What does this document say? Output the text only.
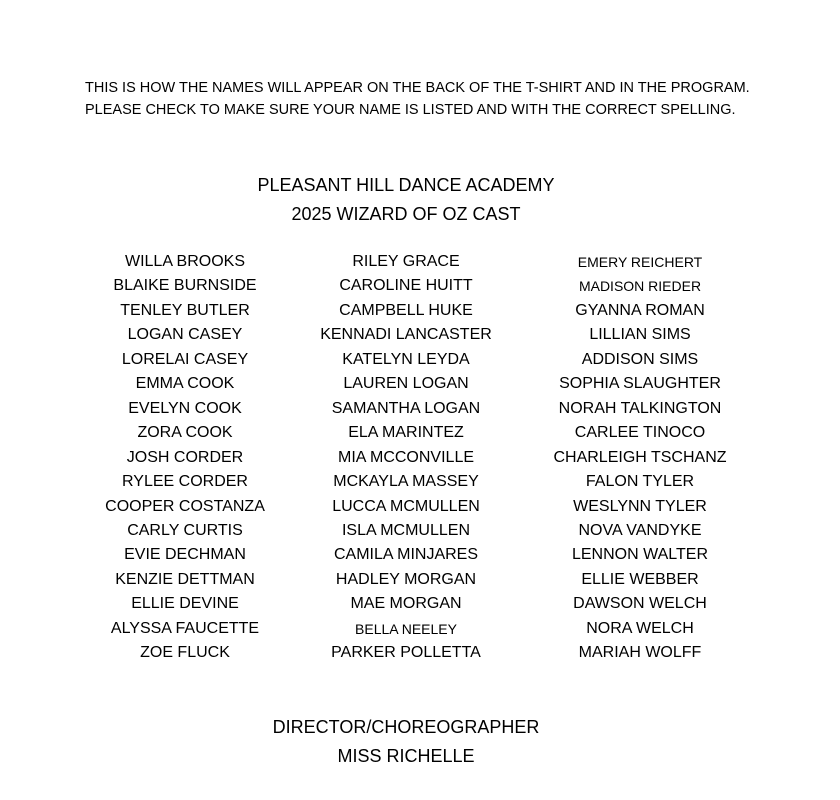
THIS IS HOW THE NAMES WILL APPEAR ON THE BACK OF THE T-SHIRT AND IN THE PROGRAM.
PLEASE CHECK TO MAKE SURE YOUR NAME IS LISTED AND WITH THE CORRECT SPELLING.
PLEASANT HILL DANCE ACADEMY
2025 WIZARD OF OZ CAST
WILLA BROOKS
BLAIKE BURNSIDE
TENLEY BUTLER
LOGAN CASEY
LORELAI CASEY
EMMA COOK
EVELYN COOK
ZORA COOK
JOSH CORDER
RYLEE CORDER
COOPER COSTANZA
CARLY CURTIS
EVIE DECHMAN
KENZIE DETTMAN
ELLIE DEVINE
ALYSSA FAUCETTE
ZOE FLUCK
RILEY GRACE
CAROLINE HUITT
CAMPBELL HUKE
KENNADI LANCASTER
KATELYN LEYDA
LAUREN LOGAN
SAMANTHA LOGAN
ELA MARINTEZ
MIA MCCONVILLE
MCKAYLA MASSEY
LUCCA MCMULLEN
ISLA MCMULLEN
CAMILA MINJARES
HADLEY MORGAN
MAE MORGAN
BELLA NEELEY
PARKER POLLETTA
EMERY REICHERT
MADISON RIEDER
GYANNA ROMAN
LILLIAN SIMS
ADDISON SIMS
SOPHIA SLAUGHTER
NORAH TALKINGTON
CARLEE TINOCO
CHARLEIGH TSCHANZ
FALON TYLER
WESLYNN TYLER
NOVA VANDYKE
LENNON WALTER
ELLIE WEBBER
DAWSON WELCH
NORA WELCH
MARIAH WOLFF
DIRECTOR/CHOREOGRAPHER
MISS RICHELLE
